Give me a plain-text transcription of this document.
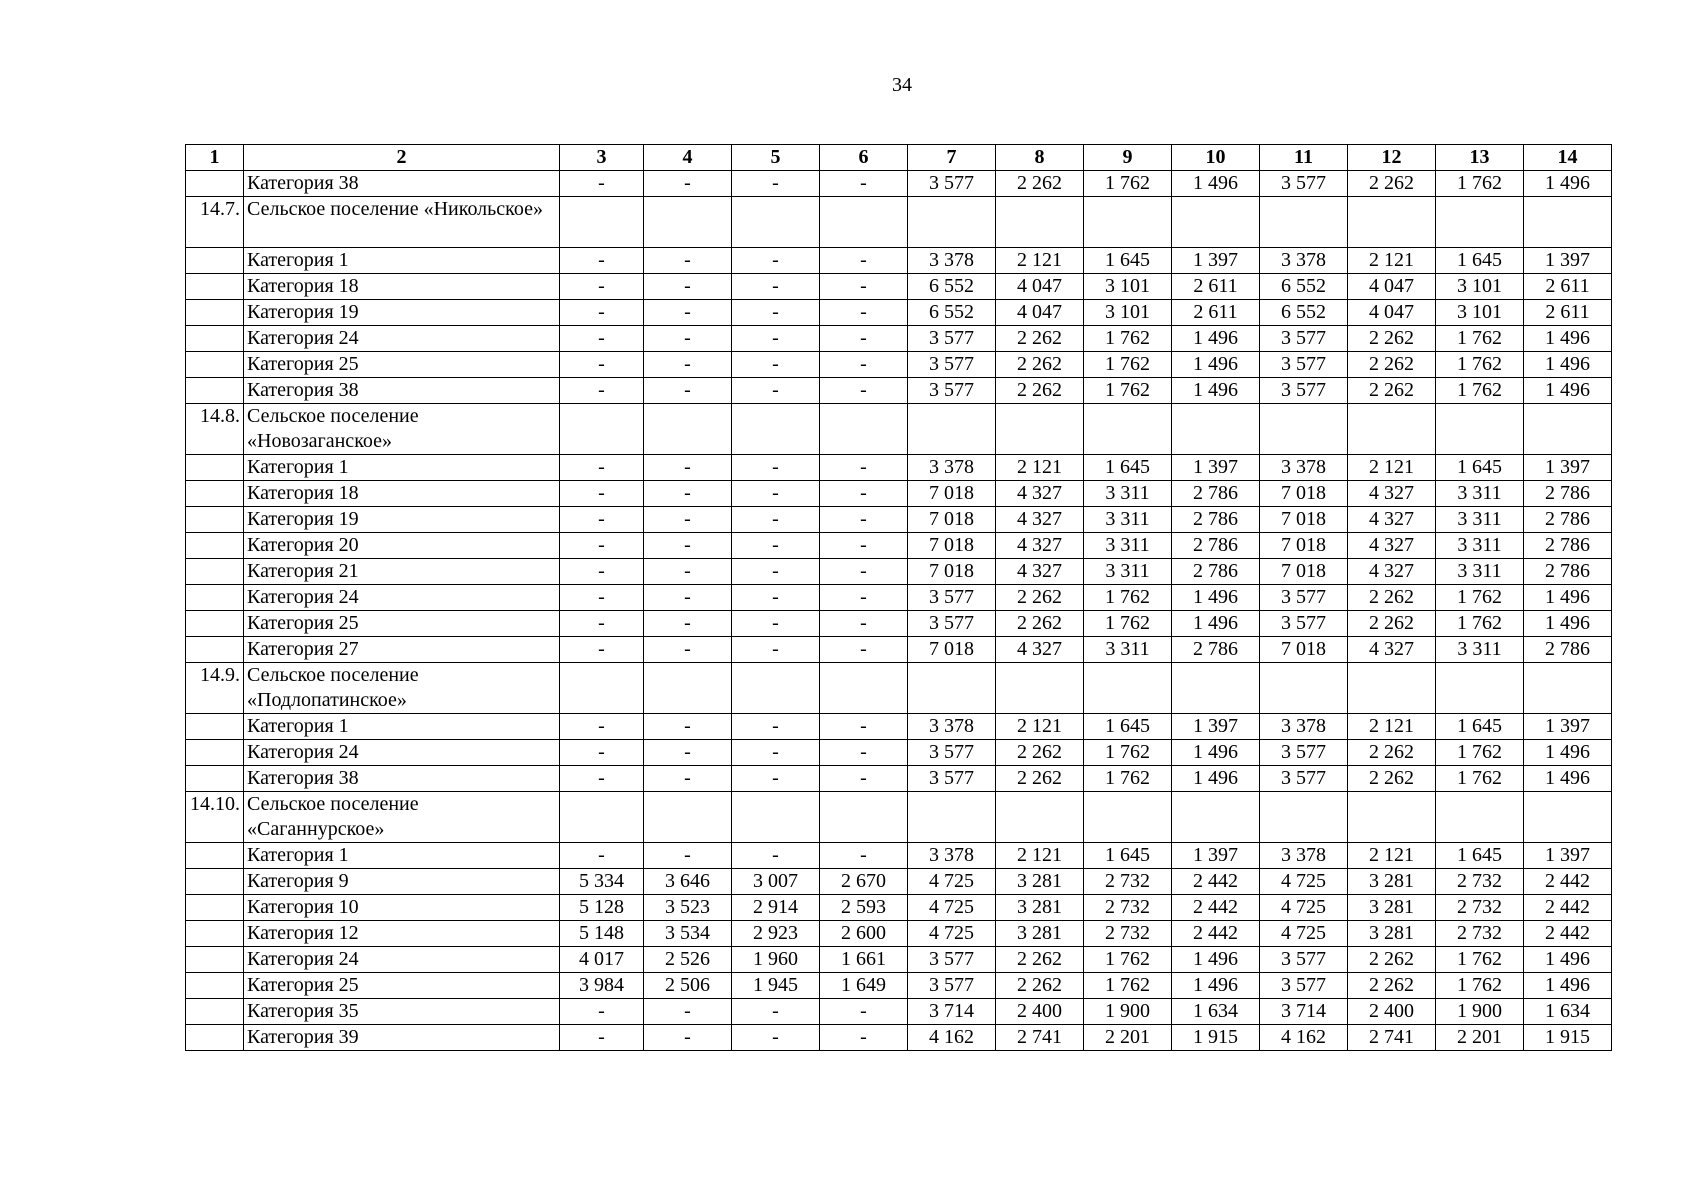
34
1	2	3	4	5	6	7	8	9	10	11	12	13	14
	Категория 38	-	-	-	-	3 577	2 262	1 762	1 496	3 577	2 262	1 762	1 496
14.7.	Сельское поселение «Никольское»												
	Категория 1	-	-	-	-	3 378	2 121	1 645	1 397	3 378	2 121	1 645	1 397
	Категория 18	-	-	-	-	6 552	4 047	3 101	2 611	6 552	4 047	3 101	2 611
	Категория 19	-	-	-	-	6 552	4 047	3 101	2 611	6 552	4 047	3 101	2 611
	Категория 24	-	-	-	-	3 577	2 262	1 762	1 496	3 577	2 262	1 762	1 496
	Категория 25	-	-	-	-	3 577	2 262	1 762	1 496	3 577	2 262	1 762	1 496
	Категория 38	-	-	-	-	3 577	2 262	1 762	1 496	3 577	2 262	1 762	1 496
14.8.	Сельское поселение «Новозаганское»												
	Категория 1	-	-	-	-	3 378	2 121	1 645	1 397	3 378	2 121	1 645	1 397
	Категория 18	-	-	-	-	7 018	4 327	3 311	2 786	7 018	4 327	3 311	2 786
	Категория 19	-	-	-	-	7 018	4 327	3 311	2 786	7 018	4 327	3 311	2 786
	Категория 20	-	-	-	-	7 018	4 327	3 311	2 786	7 018	4 327	3 311	2 786
	Категория 21	-	-	-	-	7 018	4 327	3 311	2 786	7 018	4 327	3 311	2 786
	Категория 24	-	-	-	-	3 577	2 262	1 762	1 496	3 577	2 262	1 762	1 496
	Категория 25	-	-	-	-	3 577	2 262	1 762	1 496	3 577	2 262	1 762	1 496
	Категория 27	-	-	-	-	7 018	4 327	3 311	2 786	7 018	4 327	3 311	2 786
14.9.	Сельское поселение «Подлопатинское»												
	Категория 1	-	-	-	-	3 378	2 121	1 645	1 397	3 378	2 121	1 645	1 397
	Категория 24	-	-	-	-	3 577	2 262	1 762	1 496	3 577	2 262	1 762	1 496
	Категория 38	-	-	-	-	3 577	2 262	1 762	1 496	3 577	2 262	1 762	1 496
14.10.	Сельское поселение «Саганнурское»												
	Категория 1	-	-	-	-	3 378	2 121	1 645	1 397	3 378	2 121	1 645	1 397
	Категория 9	5 334	3 646	3 007	2 670	4 725	3 281	2 732	2 442	4 725	3 281	2 732	2 442
	Категория 10	5 128	3 523	2 914	2 593	4 725	3 281	2 732	2 442	4 725	3 281	2 732	2 442
	Категория 12	5 148	3 534	2 923	2 600	4 725	3 281	2 732	2 442	4 725	3 281	2 732	2 442
	Категория 24	4 017	2 526	1 960	1 661	3 577	2 262	1 762	1 496	3 577	2 262	1 762	1 496
	Категория 25	3 984	2 506	1 945	1 649	3 577	2 262	1 762	1 496	3 577	2 262	1 762	1 496
	Категория 35	-	-	-	-	3 714	2 400	1 900	1 634	3 714	2 400	1 900	1 634
	Категория 39	-	-	-	-	4 162	2 741	2 201	1 915	4 162	2 741	2 201	1 915
